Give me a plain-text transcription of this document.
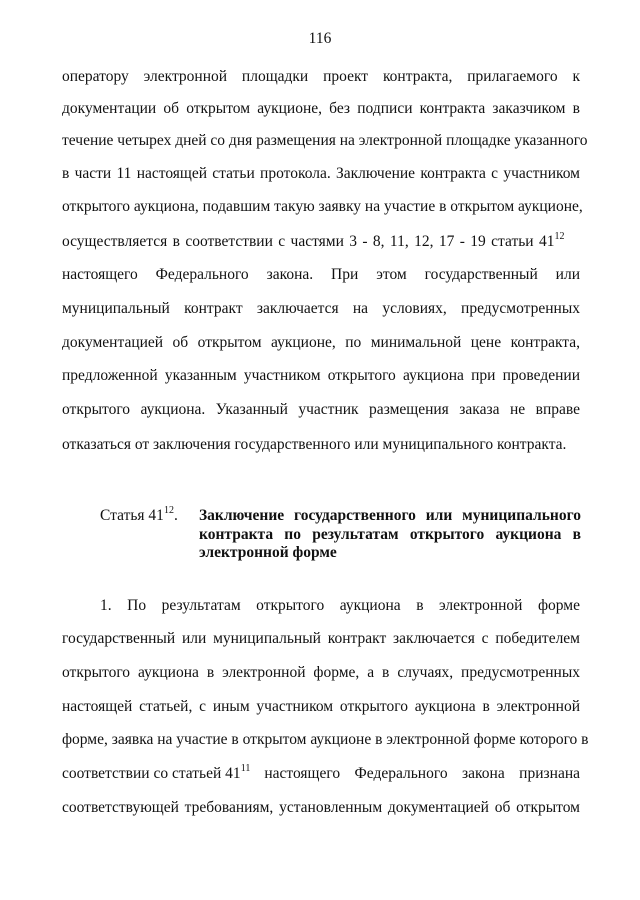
116
оператору электронной площадки проект контракта, прилагаемого к
документации об открытом аукционе, без подписи контракта заказчиком в
течение четырех дней со дня размещения на электронной площадке указанного
в части 11 настоящей статьи протокола. Заключение контракта с участником
открытого аукциона, подавшим такую заявку на участие в открытом аукционе,
осуществляется в соответствии с частями 3 - 8, 11, 12, 17 - 19 статьи $41^{12}$
настоящего Федерального закона. При этом государственный или
муниципальный контракт заключается на условиях, предусмотренных
документацией об открытом аукционе, по минимальной цене контракта,
предложенной указанным участником открытого аукциона при проведении
открытого аукциона. Указанный участник размещения заказа не вправе
отказаться от заключения государственного или муниципального контракта.
Статья $41^{12}$. Заключение государственного или муниципального
контракта по результатам открытого аукциона в
электронной форме
1. По результатам открытого аукциона в электронной форме
государственный или муниципальный контракт заключается с победителем
открытого аукциона в электронной форме, а в случаях, предусмотренных
настоящей статьей, с иным участником открытого аукциона в электронной
форме, заявка на участие в открытом аукционе в электронной форме которого в
соответствии со статьей $41^{11}$ настоящего Федерального закона признана
соответствующей требованиям, установленным документацией об открытом
